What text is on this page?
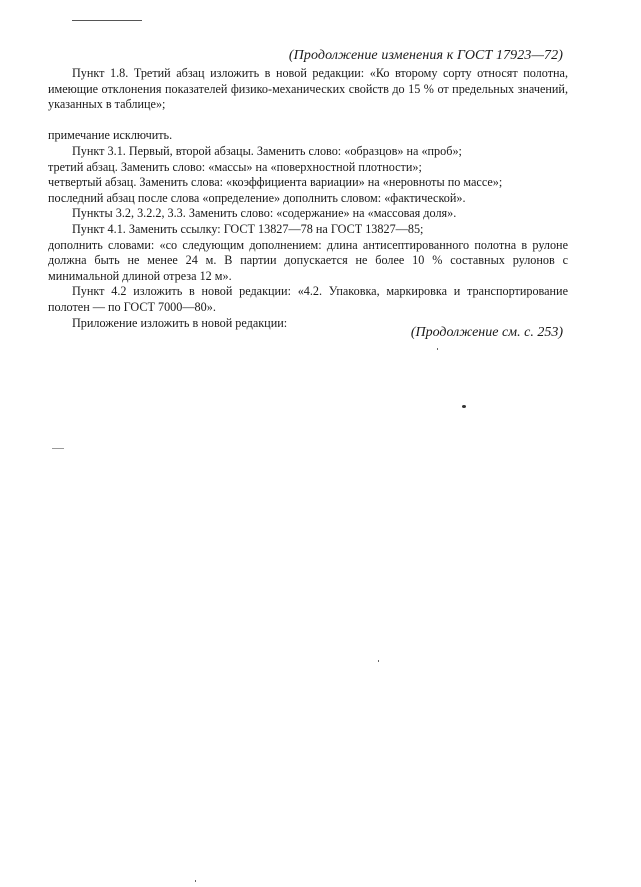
(Продолжение изменения к ГОСТ 17923—72)

Пункт 1.8. Третий абзац изложить в новой редакции: «Ко второму сорту относят полотна, имеющие отклонения показателей физико-механических свойств до 15 % от предельных значений, указанных в таблице»;

примечание исключить.

Пункт 3.1. Первый, второй абзацы. Заменить слово: «образцов» на «проб»;

третий абзац. Заменить слово: «массы» на «поверхностной плотности»;

четвертый абзац. Заменить слова: «коэффициента вариации» на «неровноты по массе»;

последний абзац после слова «определение» дополнить словом: «фактической».

Пункты 3.2, 3.2.2, 3.3. Заменить слово: «содержание» на «массовая доля».

Пункт 4.1. Заменить ссылку: ГОСТ 13827—78 на ГОСТ 13827—85;

дополнить словами: «со следующим дополнением: длина антисептированного полотна в рулоне должна быть не менее 24 м. В партии допускается не более 10 % составных рулонов с минимальной длиной отреза 12 м».

Пункт 4.2 изложить в новой редакции: «4.2. Упаковка, маркировка и транспортирование полотен — по ГОСТ 7000—80».

Приложение изложить в новой редакции:

(Продолжение см. с. 253)
